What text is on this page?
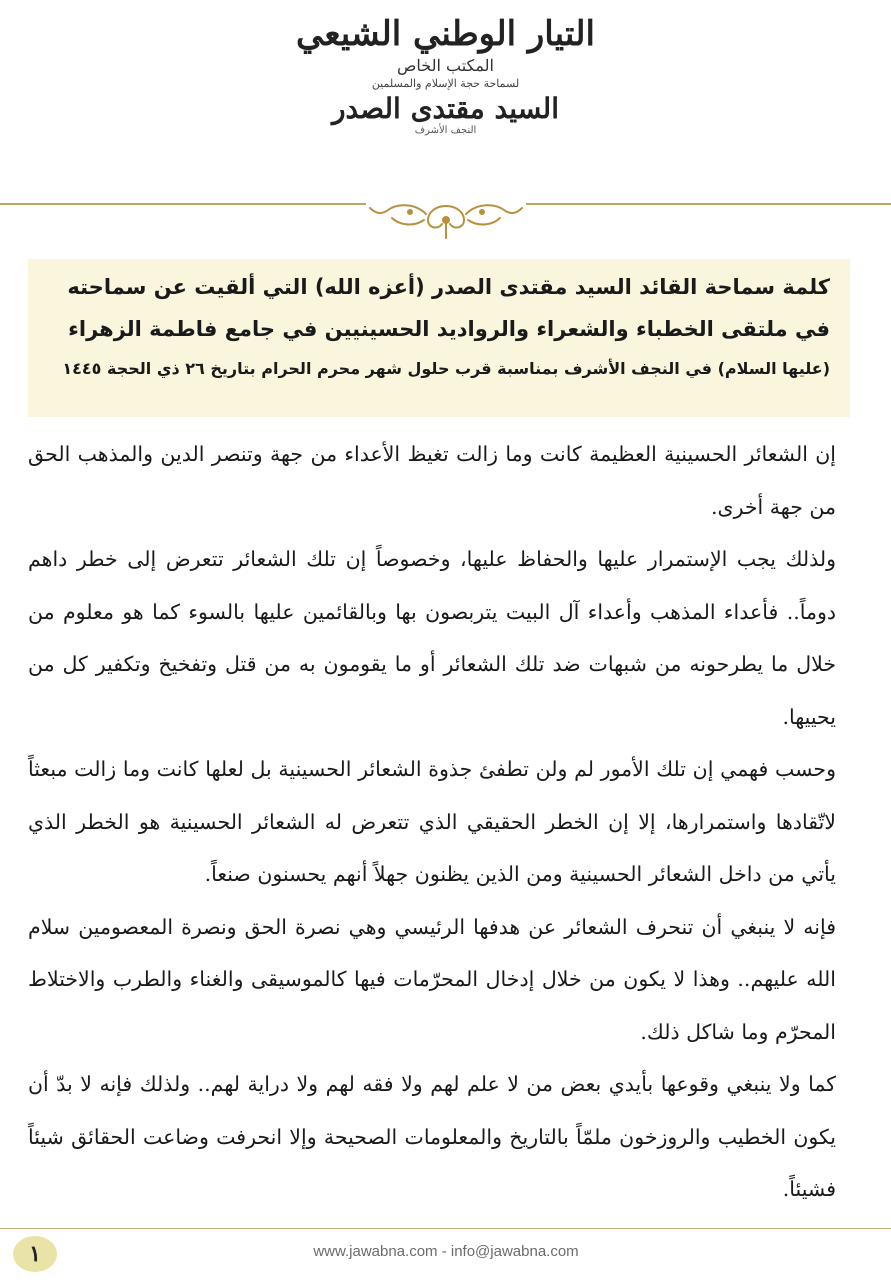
التيار الوطني الشيعي
المكتب الخاص
لسماحة حجة الإسلام والمسلمين
السيد مقتدى الصدر
النجف الأشرف
كلمة سماحة القائد السيد مقتدى الصدر (أعزه الله) التي ألقيت عن سماحته
في ملتقى الخطباء والشعراء والرواديد الحسينيين في جامع فاطمة الزهراء
(عليها السلام) في النجف الأشرف بمناسبة قرب حلول شهر محرم الحرام بتاريخ ٢٦ ذي الحجة ١٤٤٥

إن الشعائر الحسينية العظيمة كانت وما زالت تغيظ الأعداء من جهة وتنصر الدين والمذهب الحق من جهة أخرى.

ولذلك يجب الإستمرار عليها والحفاظ عليها، وخصوصاً إن تلك الشعائر تتعرض إلى خطر داهم دوماً.. فأعداء المذهب وأعداء آل البيت يتربصون بها وبالقائمين عليها بالسوء كما هو معلوم من خلال ما يطرحونه من شبهات ضد تلك الشعائر أو ما يقومون به من قتل وتفخيخ وتكفير كل من يحييها.

وحسب فهمي إن تلك الأمور لم ولن تطفئ جذوة الشعائر الحسينية بل لعلها كانت وما زالت مبعثاً لاتّقادها واستمرارها، إلا إن الخطر الحقيقي الذي تتعرض له الشعائر الحسينية هو الخطر الذي يأتي من داخل الشعائر الحسينية ومن الذين يظنون جهلاً أنهم يحسنون صنعاً.

فإنه لا ينبغي أن تنحرف الشعائر عن هدفها الرئيسي وهي نصرة الحق ونصرة المعصومين سلام الله عليهم.. وهذا لا يكون من خلال إدخال المحرّمات فيها كالموسيقى والغناء والطرب والاختلاط المحرّم وما شاكل ذلك.

كما ولا ينبغي وقوعها بأيدي بعض من لا علم لهم ولا فقه لهم ولا دراية لهم.. ولذلك فإنه لا بدّ أن يكون الخطيب والروزخون ملمّاً بالتاريخ والمعلومات الصحيحة وإلا انحرفت وضاعت الحقائق شيئاً فشيئاً.

١	www.jawabna.com - info@jawabna.com
